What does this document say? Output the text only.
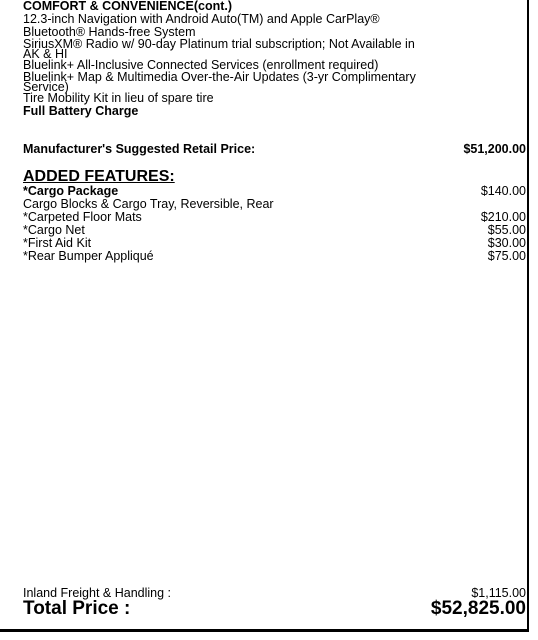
COMFORT & CONVENIENCE(cont.)
12.3-inch Navigation with Android Auto(TM) and Apple CarPlay®
Bluetooth® Hands-free System
SiriusXM® Radio w/ 90-day Platinum trial subscription; Not Available in
AK & HI
Bluelink+ All-Inclusive Connected Services (enrollment required)
Bluelink+ Map & Multimedia Over-the-Air Updates (3-yr Complimentary
Service)
Tire Mobility Kit in lieu of spare tire
Full Battery Charge
Manufacturer's Suggested Retail Price:	$51,200.00
ADDED FEATURES:
*Cargo Package	$140.00
Cargo Blocks & Cargo Tray, Reversible, Rear
*Carpeted Floor Mats	$210.00
*Cargo Net	$55.00
*First Aid Kit	$30.00
*Rear Bumper Appliqué	$75.00
Inland Freight & Handling :	$1,115.00
Total Price :	$52,825.00
